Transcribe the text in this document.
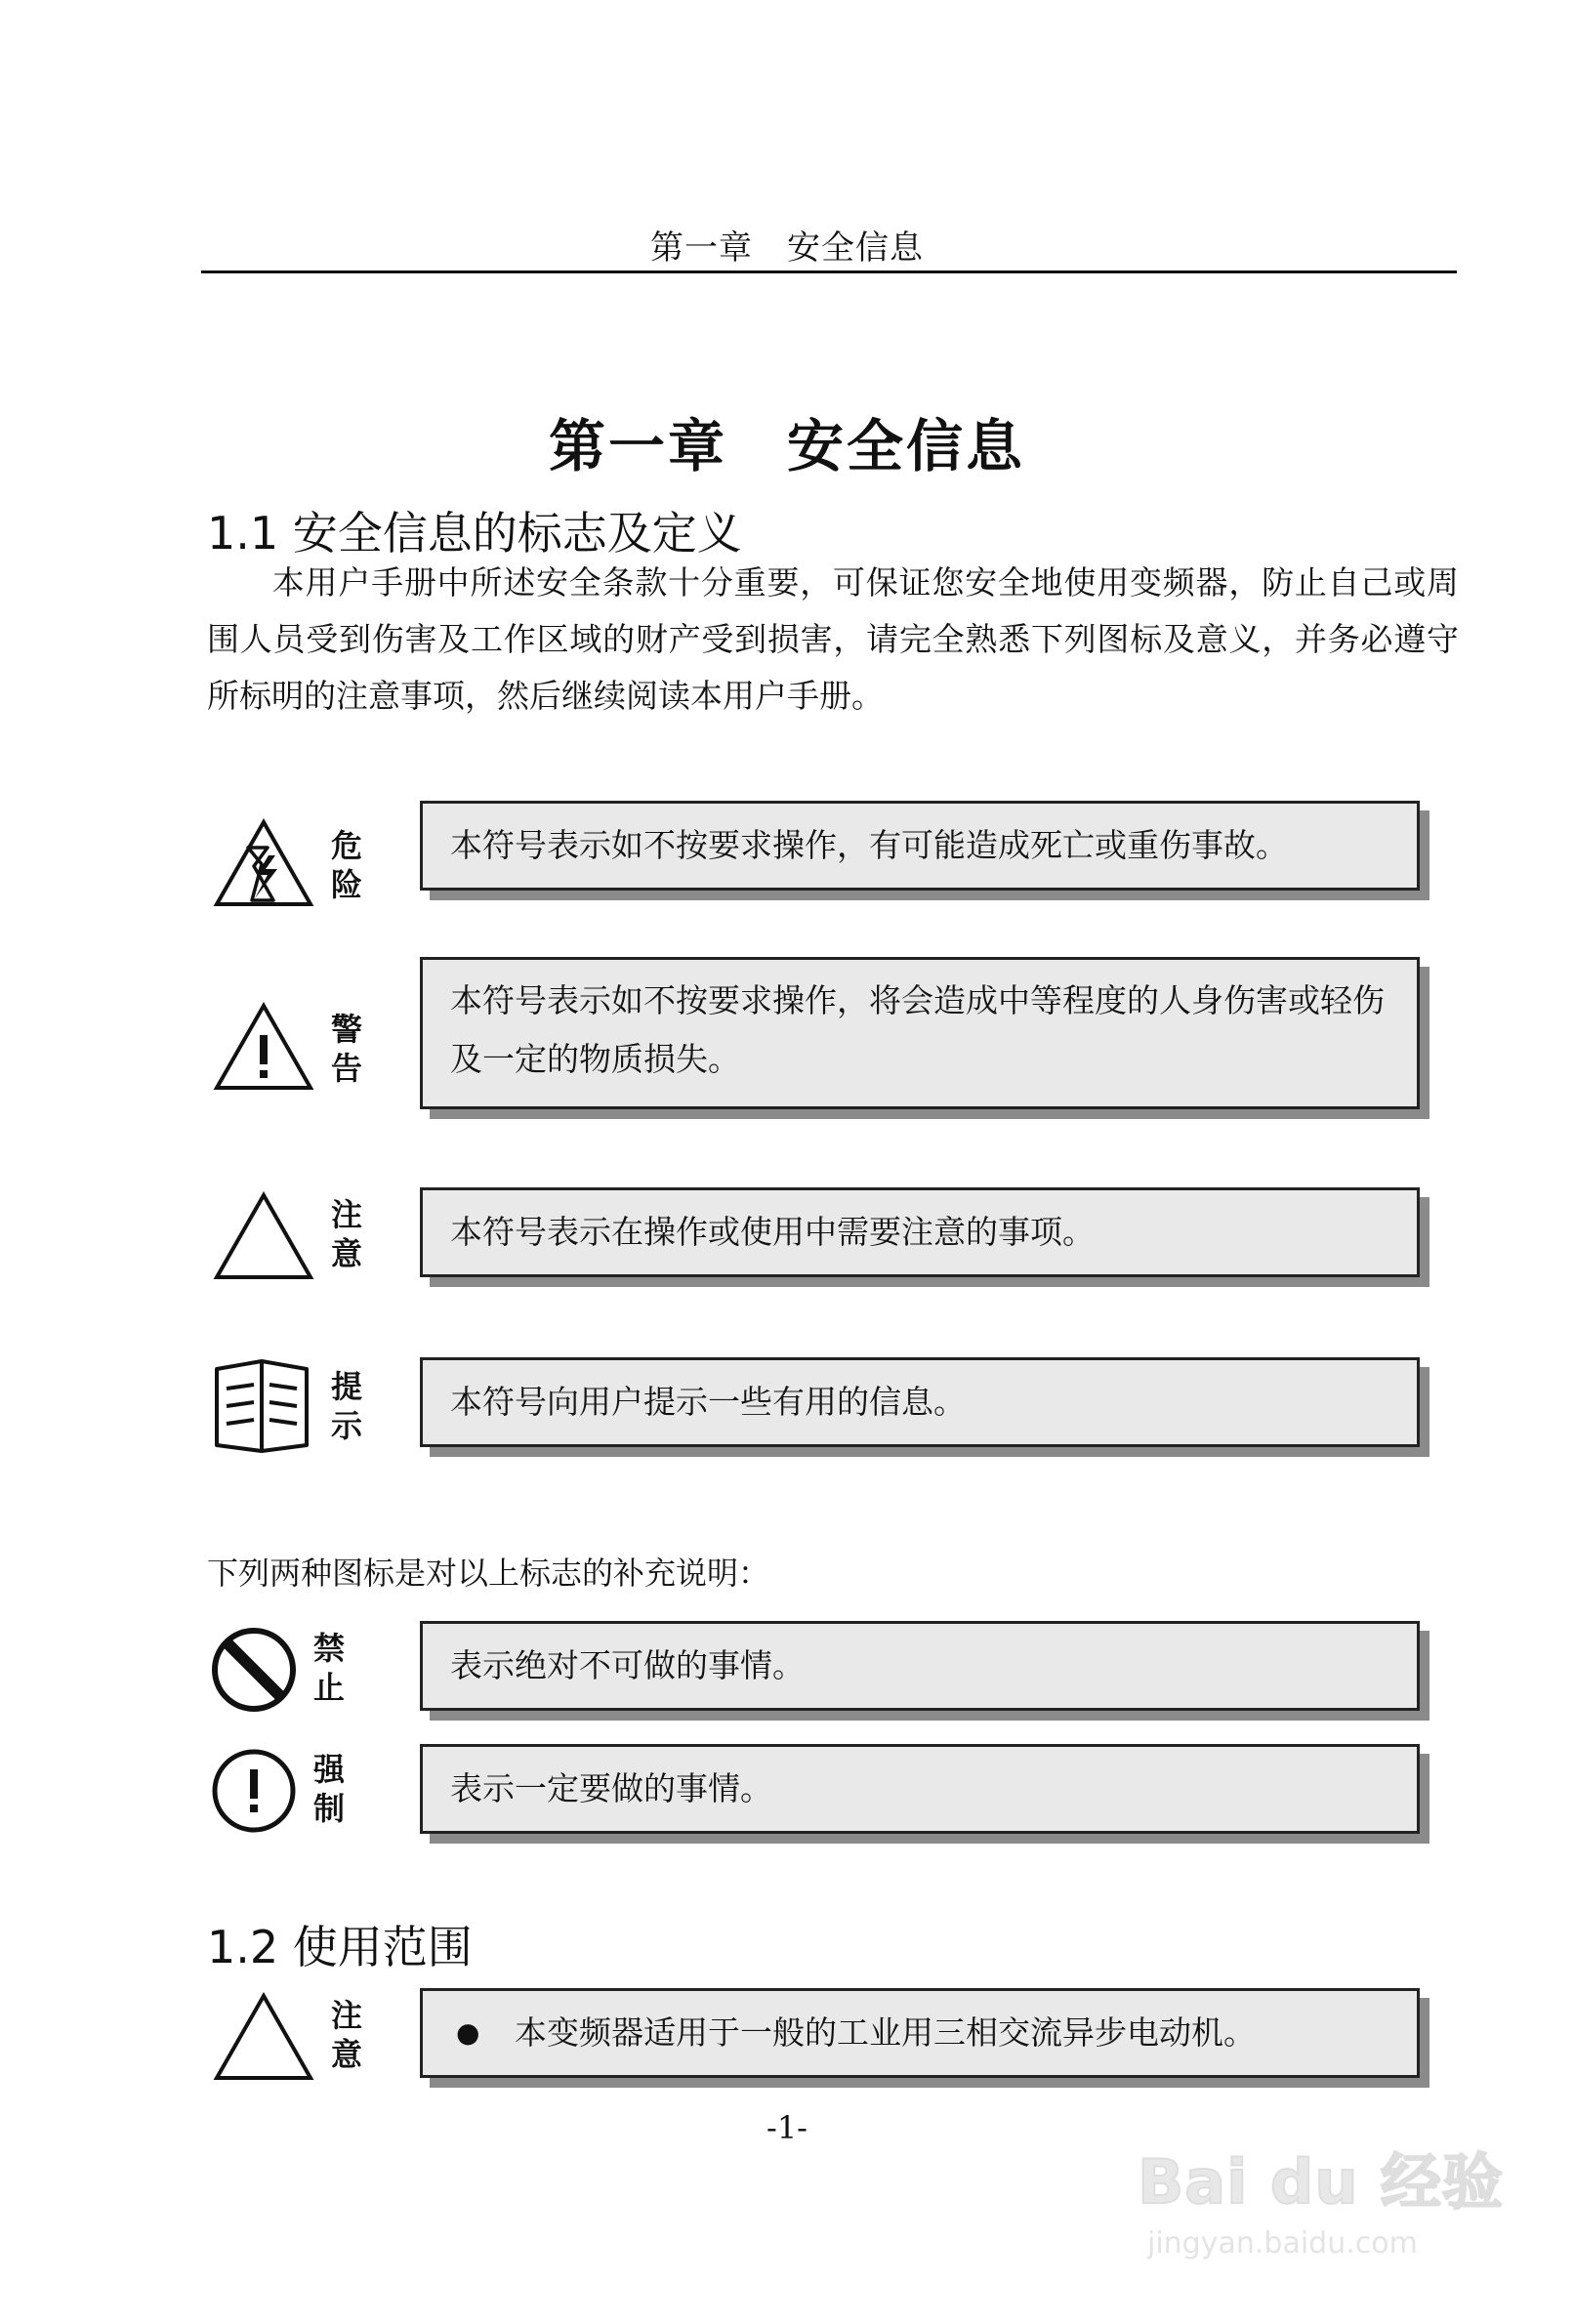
第一章　安全信息
第一章　安全信息
1.1 安全信息的标志及定义
本用户手册中所述安全条款十分重要，可保证您安全地使用变频器，防止自己或周围人员受到伤害及工作区域的财产受到损害，请完全熟悉下列图标及意义，并务必遵守所标明的注意事项，然后继续阅读本用户手册。
危
险
本符号表示如不按要求操作，有可能造成死亡或重伤事故。
警
告
本符号表示如不按要求操作，将会造成中等程度的人身伤害或轻伤及一定的物质损失。
注
意
本符号表示在操作或使用中需要注意的事项。
提
示
本符号向用户提示一些有用的信息。
下列两种图标是对以上标志的补充说明：
禁
止
表示绝对不可做的事情。
强
制
表示一定要做的事情。
1.2 使用范围
注
意
●	本变频器适用于一般的工业用三相交流异步电动机。
-1-
Bai du 经验
jingyan.baidu.com
